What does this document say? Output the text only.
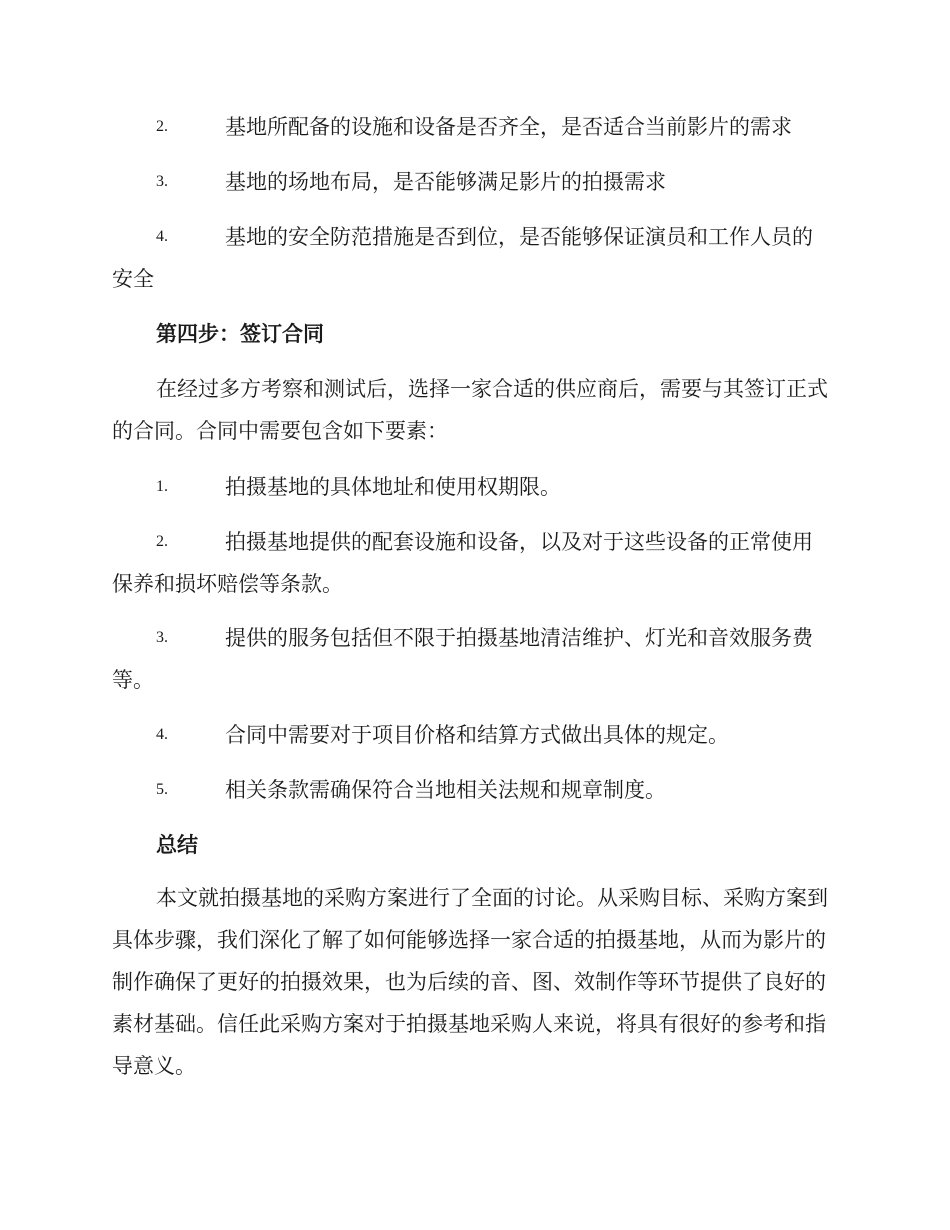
2.	基地所配备的设施和设备是否齐全，是否适合当前影片的需求
3.	基地的场地布局，是否能够满足影片的拍摄需求
4.	基地的安全防范措施是否到位，是否能够保证演员和工作人员的安全
第四步：签订合同

在经过多方考察和测试后，选择一家合适的供应商后，需要与其签订正式的合同。合同中需要包含如下要素：

1.	拍摄基地的具体地址和使用权期限。
2.	拍摄基地提供的配套设施和设备，以及对于这些设备的正常使用保养和损坏赔偿等条款。
3.	提供的服务包括但不限于拍摄基地清洁维护、灯光和音效服务费等。
4.	合同中需要对于项目价格和结算方式做出具体的规定。
5.	相关条款需确保符合当地相关法规和规章制度。
总结

本文就拍摄基地的采购方案进行了全面的讨论。从采购目标、采购方案到具体步骤，我们深化了解了如何能够选择一家合适的拍摄基地，从而为影片的制作确保了更好的拍摄效果，也为后续的音、图、效制作等环节提供了良好的素材基础。信任此采购方案对于拍摄基地采购人来说，将具有很好的参考和指导意义。
